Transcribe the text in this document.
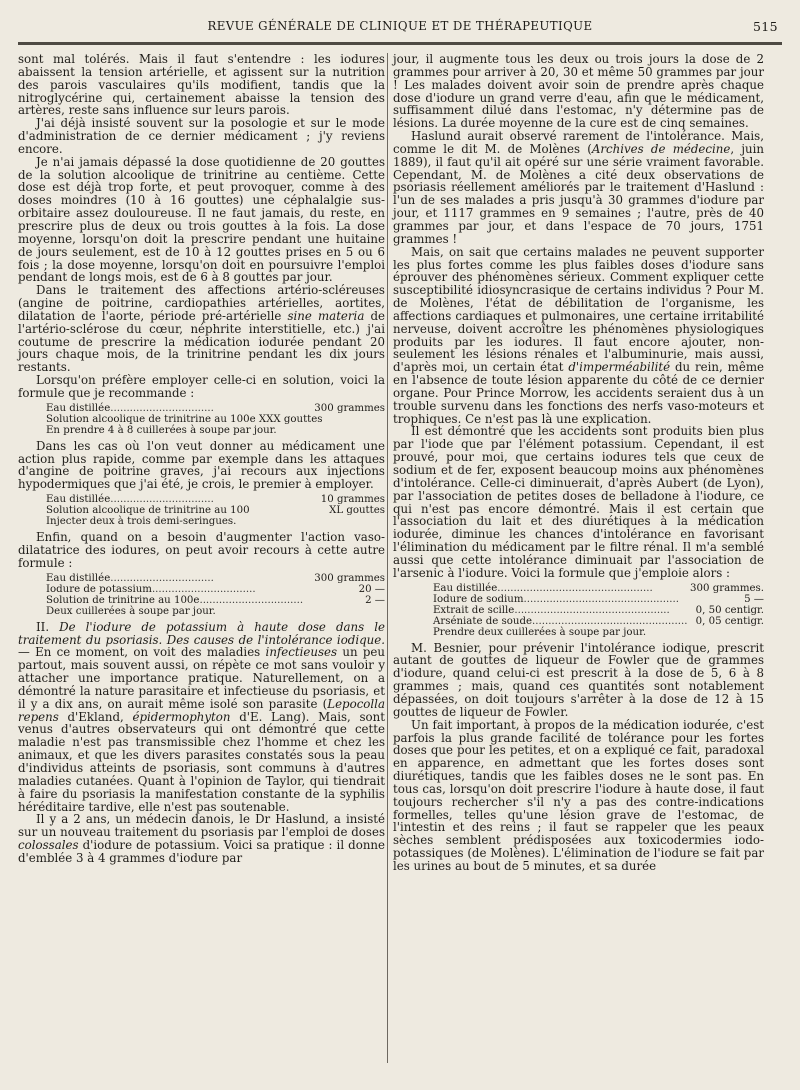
REVUE GÉNÉRALE DE CLINIQUE ET DE THÉRAPEUTIQUE	515

sont mal tolérés. Mais il faut s'entendre : les iodures abaissent la tension artérielle, et agissent sur la nutrition des parois vasculaires qu'ils modifient, tandis que la nitroglycérine qui, certainement abaisse la tension des artères, reste sans influence sur leurs parois.

J'ai déjà insisté souvent sur la posologie et sur le mode d'administration de ce dernier médicament ; j'y reviens encore.

Je n'ai jamais dépassé la dose quotidienne de 20 gouttes de la solution alcoolique de trinitrine au centième. Cette dose est déjà trop forte, et peut provoquer, comme à des doses moindres (10 à 16 gouttes) une céphalalgie sus-orbitaire assez douloureuse. Il ne faut jamais, du reste, en prescrire plus de deux ou trois gouttes à la fois. La dose moyenne, lorsqu'on doit la prescrire pendant une huitaine de jours seulement, est de 10 à 12 gouttes prises en 5 ou 6 fois ; la dose moyenne, lorsqu'on doit en poursuivre l'emploi pendant de longs mois, est de 6 à 8 gouttes par jour.

Dans le traitement des affections artério-scléreuses (angine de poitrine, cardiopathies artérielles, aortites, dilatation de l'aorte, période pré-artérielle sine materia de l'artério-sclérose du cœur, néphrite interstitielle, etc.) j'ai coutume de prescrire la médication iodurée pendant 20 jours chaque mois, de la trinitrine pendant les dix jours restants.

Lorsqu'on préfère employer celle-ci en solution, voici la formule que je recommande :

Eau distillée ................................	300 grammes
Solution alcoolique de trinitrine au 100e XXX gouttes
En prendre 4 à 8 cuillerées à soupe par jour.

Dans les cas où l'on veut donner au médicament une action plus rapide, comme par exemple dans les attaques d'angine de poitrine graves, j'ai recours aux injections hypodermiques que j'ai été, je crois, le premier à employer.

Eau distillée ................................	10 grammes
Solution alcoolique de trinitrine au 100
	XL gouttes
Injecter deux à trois demi-seringues.

Enfin, quand on a besoin d'augmenter l'action vaso-dilatatrice des iodures, on peut avoir recours à cette autre formule :

Eau distillée ................................	300 grammes
Iodure de potassium ................................	20 —
Solution de trinitrine au 100e ................................	2 —
Deux cuillerées à soupe par jour.

II. De l'iodure de potassium à haute dose dans le traitement du psoriasis. Des causes de l'intolérance iodique. — En ce moment, on voit des maladies infectieuses un peu partout, mais souvent aussi, on répète ce mot sans vouloir y attacher une importance pratique. Naturellement, on a démontré la nature parasitaire et infectieuse du psoriasis, et il y a dix ans, on aurait même isolé son parasite (Lepocolla repens d'Ekland, épidermophyton d'E. Lang). Mais, sont venus d'autres observateurs qui ont démontré que cette maladie n'est pas transmissible chez l'homme et chez les animaux, et que les divers parasites constatés sous la peau d'individus atteints de psoriasis, sont communs à d'autres maladies cutanées. Quant à l'opinion de Taylor, qui tiendrait à faire du psoriasis la manifestation constante de la syphilis héréditaire tardive, elle n'est pas soutenable.

Il y a 2 ans, un médecin danois, le Dr Haslund, a insisté sur un nouveau traitement du psoriasis par l'emploi de doses colossales d'iodure de potassium. Voici sa pratique : il donne d'emblée 3 à 4 grammes d'iodure par

jour, il augmente tous les deux ou trois jours la dose de 2 grammes pour arriver à 20, 30 et même 50 grammes par jour ! Les malades doivent avoir soin de prendre après chaque dose d'iodure un grand verre d'eau, afin que le médicament, suffisamment dilué dans l'estomac, n'y détermine pas de lésions. La durée moyenne de la cure est de cinq semaines.

Haslund aurait observé rarement de l'intolérance. Mais, comme le dit M. de Molènes (Archives de médecine, juin 1889), il faut qu'il ait opéré sur une série vraiment favorable. Cependant, M. de Molènes a cité deux observations de psoriasis réellement améliorés par le traitement d'Haslund : l'un de ses malades a pris jusqu'à 30 grammes d'iodure par jour, et 1117 grammes en 9 semaines ; l'autre, près de 40 grammes par jour, et dans l'espace de 70 jours, 1751 grammes !

Mais, on sait que certains malades ne peuvent supporter les plus fortes comme les plus faibles doses d'iodure sans éprouver des phénomènes sérieux. Comment expliquer cette susceptibilité idiosyncrasique de certains individus ? Pour M. de Molènes, l'état de débilitation de l'organisme, les affections cardiaques et pulmonaires, une certaine irritabilité nerveuse, doivent accroître les phénomènes physiologiques produits par les iodures. Il faut encore ajouter, non-seulement les lésions rénales et l'albuminurie, mais aussi, d'après moi, un certain état d'imperméabilité du rein, même en l'absence de toute lésion apparente du côté de ce dernier organe. Pour Prince Morrow, les accidents seraient dus à un trouble survenu dans les fonctions des nerfs vaso-moteurs et trophiques. Ce n'est pas là une explication.

Il est démontré que les accidents sont produits bien plus par l'iode que par l'élément potassium. Cependant, il est prouvé, pour moi, que certains iodures tels que ceux de sodium et de fer, exposent beaucoup moins aux phénomènes d'intolérance. Celle-ci diminuerait, d'après Aubert (de Lyon), par l'association de petites doses de belladone à l'iodure, ce qui n'est pas encore démontré. Mais il est certain que l'association du lait et des diurétiques à la médication iodurée, diminue les chances d'intolérance en favorisant l'élimination du médicament par le filtre rénal. Il m'a semblé aussi que cette intolérance diminuait par l'association de l'arsenic à l'iodure. Voici la formule que j'emploie alors :

Eau distillée ................................................	300 grammes.
Iodure de sodium ................................................	5 —
Extrait de scille ................................................	0, 50 centigr.
Arséniate de soude ................................................ 0, 05 centigr.
Prendre deux cuillerées à soupe par jour.

M. Besnier, pour prévenir l'intolérance iodique, prescrit autant de gouttes de liqueur de Fowler que de grammes d'iodure, quand celui-ci est prescrit à la dose de 5, 6 à 8 grammes ; mais, quand ces quantités sont notablement dépassées, on doit toujours s'arrêter à la dose de 12 à 15 gouttes de liqueur de Fowler.

Un fait important, à propos de la médication iodurée, c'est parfois la plus grande facilité de tolérance pour les fortes doses que pour les petites, et on a expliqué ce fait, paradoxal en apparence, en admettant que les fortes doses sont diurétiques, tandis que les faibles doses ne le sont pas. En tous cas, lorsqu'on doit prescrire l'iodure à haute dose, il faut toujours rechercher s'il n'y a pas des contre-indications formelles, telles qu'une lésion grave de l'estomac, de l'intestin et des reins ; il faut se rappeler que les peaux sèches semblent prédisposées aux toxicodermies iodo-potassiques (de Molènes). L'élimination de l'iodure se fait par les urines au bout de 5 minutes, et sa durée
